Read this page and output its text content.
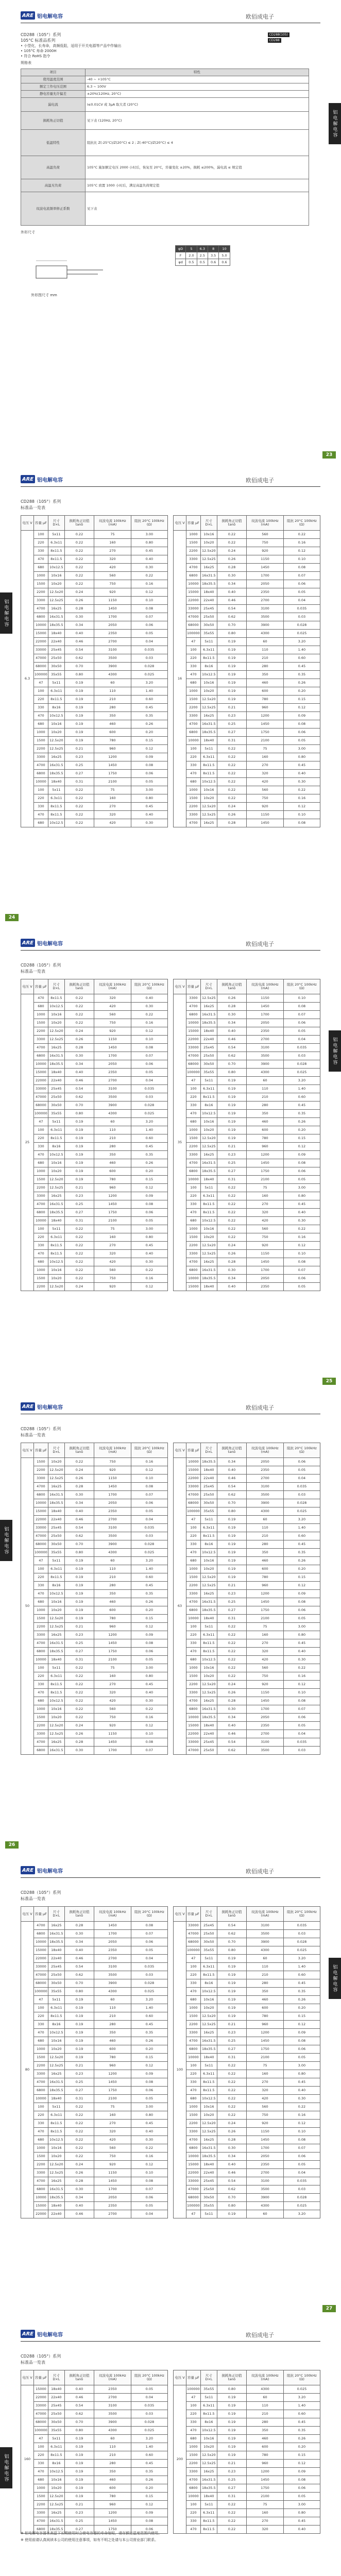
ARE 铝电解电容	欧佰成电子
铝电解电容
CD288(105)
CD288
CD288（105°）系列
105°C 标准品系列
• 小型化，长寿命，高频低阻，适用于开关电源等产品中作输出
• 105°C 寿命 2000H
• 符合 RoHS 指令
规格表
项目	特性
使用温度范围	-40 ~ +105°C
额定工作电压范围	6.3 ~ 100V
静电容量允许偏差	±20%(120Hz, 20°C)
漏电流	I≤0.01CV 或 3μA 取大者 (20°C)
损耗角正切值	见下表 (120Hz, 20°C)
低温特性	阻抗比 Z(-25°C)/Z(20°C) ≤ 2 ; Z(-40°C)/Z(20°C) ≤ 4
高温负荷	105°C 施加额定电压 2000 小时后，恢复至 20°C，容量变化 ±20%，损耗 ≤200%，漏电流 ≤ 规定值
高温无负荷	105°C 放置 1000 小时后，满足高温负荷规定值
纹波电流频率修正系数	见下表
外形尺寸
外形图尺寸 mm
φD	5	6.3	8	10
F	2.0	2.5	3.5	5.0
φd	0.5	0.5	0.6	0.6
23
ARE 铝电解电容	欧佰成电子
铝电解电容
CD288（105°）系列
标准品一览表
电压 V	容量 μF	尺寸 D×L	损耗角正切值 tanδ	纹波电流 100kHz (mA)	阻抗 20°C 100kHz (Ω)
6.3	100	5x11	0.22	75	3.00
	220	6.3x11	0.22	160	0.80
	330	8x11.5	0.22	270	0.45
	470	8x11.5	0.22	320	0.40
	680	10x12.5	0.22	420	0.30
	1000	10x16	0.22	560	0.22
	1500	10x20	0.22	750	0.16
	2200	12.5x20	0.24	920	0.12
	3300	12.5x25	0.26	1150	0.10
	4700	16x25	0.28	1450	0.08
	6800	16x31.5	0.30	1700	0.07
	10000	18x35.5	0.34	2050	0.06
	15000	18x40	0.40	2350	0.05
	22000	22x40	0.46	2700	0.04
	33000	25x45	0.54	3100	0.035
	47000	25x50	0.62	3500	0.03
	68000	30x50	0.70	3900	0.028
	100000	35x55	0.80	4300	0.025
	47	5x11	0.19	60	3.20
	100	6.3x11	0.19	110	1.40
	220	8x11.5	0.19	210	0.60
	330	8x16	0.19	280	0.45
	470	10x12.5	0.19	350	0.35
	680	10x16	0.19	460	0.26
	1000	10x20	0.19	600	0.20
	1500	12.5x20	0.19	780	0.15
	2200	12.5x25	0.21	960	0.12
	3300	16x25	0.23	1200	0.09
	4700	16x31.5	0.25	1450	0.08
	6800	18x35.5	0.27	1750	0.06
	10000	18x40	0.31	2100	0.05
	100	5x11	0.22	75	3.00
	220	6.3x11	0.22	160	0.80
	330	8x11.5	0.22	270	0.45
	470	8x11.5	0.22	320	0.40
	680	10x12.5	0.22	420	0.30
电压 V	容量 μF	尺寸 D×L	损耗角正切值 tanδ	纹波电流 100kHz (mA)	阻抗 20°C 100kHz (Ω)
16	1000	10x16	0.22	560	0.22
	1500	10x20	0.22	750	0.16
	2200	12.5x20	0.24	920	0.12
	3300	12.5x25	0.26	1150	0.10
	4700	16x25	0.28	1450	0.08
	6800	16x31.5	0.30	1700	0.07
	10000	18x35.5	0.34	2050	0.06
	15000	18x40	0.40	2350	0.05
	22000	22x40	0.46	2700	0.04
	33000	25x45	0.54	3100	0.035
	47000	25x50	0.62	3500	0.03
	68000	30x50	0.70	3900	0.028
	100000	35x55	0.80	4300	0.025
	47	5x11	0.19	60	3.20
	100	6.3x11	0.19	110	1.40
	220	8x11.5	0.19	210	0.60
	330	8x16	0.19	280	0.45
	470	10x12.5	0.19	350	0.35
	680	10x16	0.19	460	0.26
	1000	10x20	0.19	600	0.20
	1500	12.5x20	0.19	780	0.15
	2200	12.5x25	0.21	960	0.12
	3300	16x25	0.23	1200	0.09
	4700	16x31.5	0.25	1450	0.08
	6800	18x35.5	0.27	1750	0.06
	10000	18x40	0.31	2100	0.05
	100	5x11	0.22	75	3.00
	220	6.3x11	0.22	160	0.80
	330	8x11.5	0.22	270	0.45
	470	8x11.5	0.22	320	0.40
	680	10x12.5	0.22	420	0.30
	1000	10x16	0.22	560	0.22
	1500	10x20	0.22	750	0.16
	2200	12.5x20	0.24	920	0.12
	3300	12.5x25	0.26	1150	0.10
	4700	16x25	0.28	1450	0.08
24
ARE 铝电解电容	欧佰成电子
铝电解电容
CD288（105°）系列
标准品一览表
电压 V	容量 μF	尺寸 D×L	损耗角正切值 tanδ	纹波电流 100kHz (mA)	阻抗 20°C 100kHz (Ω)
25	470	8x11.5	0.22	320	0.40
	680	10x12.5	0.22	420	0.30
	1000	10x16	0.22	560	0.22
	1500	10x20	0.22	750	0.16
	2200	12.5x20	0.24	920	0.12
	3300	12.5x25	0.26	1150	0.10
	4700	16x25	0.28	1450	0.08
	6800	16x31.5	0.30	1700	0.07
	10000	18x35.5	0.34	2050	0.06
	15000	18x40	0.40	2350	0.05
	22000	22x40	0.46	2700	0.04
	33000	25x45	0.54	3100	0.035
	47000	25x50	0.62	3500	0.03
	68000	30x50	0.70	3900	0.028
	100000	35x55	0.80	4300	0.025
	47	5x11	0.19	60	3.20
	100	6.3x11	0.19	110	1.40
	220	8x11.5	0.19	210	0.60
	330	8x16	0.19	280	0.45
	470	10x12.5	0.19	350	0.35
	680	10x16	0.19	460	0.26
	1000	10x20	0.19	600	0.20
	1500	12.5x20	0.19	780	0.15
	2200	12.5x25	0.21	960	0.12
	3300	16x25	0.23	1200	0.09
	4700	16x31.5	0.25	1450	0.08
	6800	18x35.5	0.27	1750	0.06
	10000	18x40	0.31	2100	0.05
	100	5x11	0.22	75	3.00
	220	6.3x11	0.22	160	0.80
	330	8x11.5	0.22	270	0.45
	470	8x11.5	0.22	320	0.40
	680	10x12.5	0.22	420	0.30
	1000	10x16	0.22	560	0.22
	1500	10x20	0.22	750	0.16
	2200	12.5x20	0.24	920	0.12
电压 V	容量 μF	尺寸 D×L	损耗角正切值 tanδ	纹波电流 100kHz (mA)	阻抗 20°C 100kHz (Ω)
35	3300	12.5x25	0.26	1150	0.10
	4700	16x25	0.28	1450	0.08
	6800	16x31.5	0.30	1700	0.07
	10000	18x35.5	0.34	2050	0.06
	15000	18x40	0.40	2350	0.05
	22000	22x40	0.46	2700	0.04
	33000	25x45	0.54	3100	0.035
	47000	25x50	0.62	3500	0.03
	68000	30x50	0.70	3900	0.028
	100000	35x55	0.80	4300	0.025
	47	5x11	0.19	60	3.20
	100	6.3x11	0.19	110	1.40
	220	8x11.5	0.19	210	0.60
	330	8x16	0.19	280	0.45
	470	10x12.5	0.19	350	0.35
	680	10x16	0.19	460	0.26
	1000	10x20	0.19	600	0.20
	1500	12.5x20	0.19	780	0.15
	2200	12.5x25	0.21	960	0.12
	3300	16x25	0.23	1200	0.09
	4700	16x31.5	0.25	1450	0.08
	6800	18x35.5	0.27	1750	0.06
	10000	18x40	0.31	2100	0.05
	100	5x11	0.22	75	3.00
	220	6.3x11	0.22	160	0.80
	330	8x11.5	0.22	270	0.45
	470	8x11.5	0.22	320	0.40
	680	10x12.5	0.22	420	0.30
	1000	10x16	0.22	560	0.22
	1500	10x20	0.22	750	0.16
	2200	12.5x20	0.24	920	0.12
	3300	12.5x25	0.26	1150	0.10
	4700	16x25	0.28	1450	0.08
	6800	16x31.5	0.30	1700	0.07
	10000	18x35.5	0.34	2050	0.06
	15000	18x40	0.40	2350	0.05
25
ARE 铝电解电容	欧佰成电子
铝电解电容
CD288（105°）系列
标准品一览表
电压 V	容量 μF	尺寸 D×L	损耗角正切值 tanδ	纹波电流 100kHz (mA)	阻抗 20°C 100kHz (Ω)
50	1500	10x20	0.22	750	0.16
	2200	12.5x20	0.24	920	0.12
	3300	12.5x25	0.26	1150	0.10
	4700	16x25	0.28	1450	0.08
	6800	16x31.5	0.30	1700	0.07
	10000	18x35.5	0.34	2050	0.06
	15000	18x40	0.40	2350	0.05
	22000	22x40	0.46	2700	0.04
	33000	25x45	0.54	3100	0.035
	47000	25x50	0.62	3500	0.03
	68000	30x50	0.70	3900	0.028
	100000	35x55	0.80	4300	0.025
	47	5x11	0.19	60	3.20
	100	6.3x11	0.19	110	1.40
	220	8x11.5	0.19	210	0.60
	330	8x16	0.19	280	0.45
	470	10x12.5	0.19	350	0.35
	680	10x16	0.19	460	0.26
	1000	10x20	0.19	600	0.20
	1500	12.5x20	0.19	780	0.15
	2200	12.5x25	0.21	960	0.12
	3300	16x25	0.23	1200	0.09
	4700	16x31.5	0.25	1450	0.08
	6800	18x35.5	0.27	1750	0.06
	10000	18x40	0.31	2100	0.05
	100	5x11	0.22	75	3.00
	220	6.3x11	0.22	160	0.80
	330	8x11.5	0.22	270	0.45
	470	8x11.5	0.22	320	0.40
	680	10x12.5	0.22	420	0.30
	1000	10x16	0.22	560	0.22
	1500	10x20	0.22	750	0.16
	2200	12.5x20	0.24	920	0.12
	3300	12.5x25	0.26	1150	0.10
	4700	16x25	0.28	1450	0.08
	6800	16x31.5	0.30	1700	0.07
电压 V	容量 μF	尺寸 D×L	损耗角正切值 tanδ	纹波电流 100kHz (mA)	阻抗 20°C 100kHz (Ω)
63	10000	18x35.5	0.34	2050	0.06
	15000	18x40	0.40	2350	0.05
	22000	22x40	0.46	2700	0.04
	33000	25x45	0.54	3100	0.035
	47000	25x50	0.62	3500	0.03
	68000	30x50	0.70	3900	0.028
	100000	35x55	0.80	4300	0.025
	47	5x11	0.19	60	3.20
	100	6.3x11	0.19	110	1.40
	220	8x11.5	0.19	210	0.60
	330	8x16	0.19	280	0.45
	470	10x12.5	0.19	350	0.35
	680	10x16	0.19	460	0.26
	1000	10x20	0.19	600	0.20
	1500	12.5x20	0.19	780	0.15
	2200	12.5x25	0.21	960	0.12
	3300	16x25	0.23	1200	0.09
	4700	16x31.5	0.25	1450	0.08
	6800	18x35.5	0.27	1750	0.06
	10000	18x40	0.31	2100	0.05
	100	5x11	0.22	75	3.00
	220	6.3x11	0.22	160	0.80
	330	8x11.5	0.22	270	0.45
	470	8x11.5	0.22	320	0.40
	680	10x12.5	0.22	420	0.30
	1000	10x16	0.22	560	0.22
	1500	10x20	0.22	750	0.16
	2200	12.5x20	0.24	920	0.12
	3300	12.5x25	0.26	1150	0.10
	4700	16x25	0.28	1450	0.08
	6800	16x31.5	0.30	1700	0.07
	10000	18x35.5	0.34	2050	0.06
	15000	18x40	0.40	2350	0.05
	22000	22x40	0.46	2700	0.04
	33000	25x45	0.54	3100	0.035
	47000	25x50	0.62	3500	0.03
26
ARE 铝电解电容	欧佰成电子
铝电解电容
CD288（105°）系列
标准品一览表
电压 V	容量 μF	尺寸 D×L	损耗角正切值 tanδ	纹波电流 100kHz (mA)	阻抗 20°C 100kHz (Ω)
80	4700	16x25	0.28	1450	0.08
	6800	16x31.5	0.30	1700	0.07
	10000	18x35.5	0.34	2050	0.06
	15000	18x40	0.40	2350	0.05
	22000	22x40	0.46	2700	0.04
	33000	25x45	0.54	3100	0.035
	47000	25x50	0.62	3500	0.03
	68000	30x50	0.70	3900	0.028
	100000	35x55	0.80	4300	0.025
	47	5x11	0.19	60	3.20
	100	6.3x11	0.19	110	1.40
	220	8x11.5	0.19	210	0.60
	330	8x16	0.19	280	0.45
	470	10x12.5	0.19	350	0.35
	680	10x16	0.19	460	0.26
	1000	10x20	0.19	600	0.20
	1500	12.5x20	0.19	780	0.15
	2200	12.5x25	0.21	960	0.12
	3300	16x25	0.23	1200	0.09
	4700	16x31.5	0.25	1450	0.08
	6800	18x35.5	0.27	1750	0.06
	10000	18x40	0.31	2100	0.05
	100	5x11	0.22	75	3.00
	220	6.3x11	0.22	160	0.80
	330	8x11.5	0.22	270	0.45
	470	8x11.5	0.22	320	0.40
	680	10x12.5	0.22	420	0.30
	1000	10x16	0.22	560	0.22
	1500	10x20	0.22	750	0.16
	2200	12.5x20	0.24	920	0.12
	3300	12.5x25	0.26	1150	0.10
	4700	16x25	0.28	1450	0.08
	6800	16x31.5	0.30	1700	0.07
	10000	18x35.5	0.34	2050	0.06
	15000	18x40	0.40	2350	0.05
	22000	22x40	0.46	2700	0.04
电压 V	容量 μF	尺寸 D×L	损耗角正切值 tanδ	纹波电流 100kHz (mA)	阻抗 20°C 100kHz (Ω)
100	33000	25x45	0.54	3100	0.035
	47000	25x50	0.62	3500	0.03
	68000	30x50	0.70	3900	0.028
	100000	35x55	0.80	4300	0.025
	47	5x11	0.19	60	3.20
	100	6.3x11	0.19	110	1.40
	220	8x11.5	0.19	210	0.60
	330	8x16	0.19	280	0.45
	470	10x12.5	0.19	350	0.35
	680	10x16	0.19	460	0.26
	1000	10x20	0.19	600	0.20
	1500	12.5x20	0.19	780	0.15
	2200	12.5x25	0.21	960	0.12
	3300	16x25	0.23	1200	0.09
	4700	16x31.5	0.25	1450	0.08
	6800	18x35.5	0.27	1750	0.06
	10000	18x40	0.31	2100	0.05
	100	5x11	0.22	75	3.00
	220	6.3x11	0.22	160	0.80
	330	8x11.5	0.22	270	0.45
	470	8x11.5	0.22	320	0.40
	680	10x12.5	0.22	420	0.30
	1000	10x16	0.22	560	0.22
	1500	10x20	0.22	750	0.16
	2200	12.5x20	0.24	920	0.12
	3300	12.5x25	0.26	1150	0.10
	4700	16x25	0.28	1450	0.08
	6800	16x31.5	0.30	1700	0.07
	10000	18x35.5	0.34	2050	0.06
	15000	18x40	0.40	2350	0.05
	22000	22x40	0.46	2700	0.04
	33000	25x45	0.54	3100	0.035
	47000	25x50	0.62	3500	0.03
	68000	30x50	0.70	3900	0.028
	100000	35x55	0.80	4300	0.025
	47	5x11	0.19	60	3.20
27
ARE 铝电解电容	欧佰成电子
铝电解电容
CD288（105°）系列
标准品一览表
电压 V	容量 μF	尺寸 D×L	损耗角正切值 tanδ	纹波电流 100kHz (mA)	阻抗 20°C 100kHz (Ω)
160	15000	18x40	0.40	2350	0.05
	22000	22x40	0.46	2700	0.04
	33000	25x45	0.54	3100	0.035
	47000	25x50	0.62	3500	0.03
	68000	30x50	0.70	3900	0.028
	100000	35x55	0.80	4300	0.025
	47	5x11	0.19	60	3.20
	100	6.3x11	0.19	110	1.40
	220	8x11.5	0.19	210	0.60
	330	8x16	0.19	280	0.45
	470	10x12.5	0.19	350	0.35
	680	10x16	0.19	460	0.26
	1000	10x20	0.19	600	0.20
	1500	12.5x20	0.19	780	0.15
	2200	12.5x25	0.21	960	0.12
	3300	16x25	0.23	1200	0.09
	4700	16x31.5	0.25	1450	0.08
	6800	18x35.5	0.27	1750	0.06
电压 V	容量 μF	尺寸 D×L	损耗角正切值 tanδ	纹波电流 100kHz (mA)	阻抗 20°C 100kHz (Ω)
200	100000	35x55	0.80	4300	0.025
	47	5x11	0.19	60	3.20
	100	6.3x11	0.19	110	1.40
	220	8x11.5	0.19	210	0.60
	330	8x16	0.19	280	0.45
	470	10x12.5	0.19	350	0.35
	680	10x16	0.19	460	0.26
	1000	10x20	0.19	600	0.20
	1500	12.5x20	0.19	780	0.15
	2200	12.5x25	0.21	960	0.12
	3300	16x25	0.23	1200	0.09
	4700	16x31.5	0.25	1450	0.08
	6800	18x35.5	0.27	1750	0.06
	10000	18x40	0.31	2100	0.05
	100	5x11	0.22	75	3.00
	220	6.3x11	0.22	160	0.80
	330	8x11.5	0.22	270	0.45
	470	8x11.5	0.22	320	0.40
※ 铝电解电容器在高温下长期使用时会使电容器的寿命缩短，请在额定温度范围内使用。
※ 使用前请认真阅读本公司的使用注意事项，如有不明之处请与本公司营业部门联系。
